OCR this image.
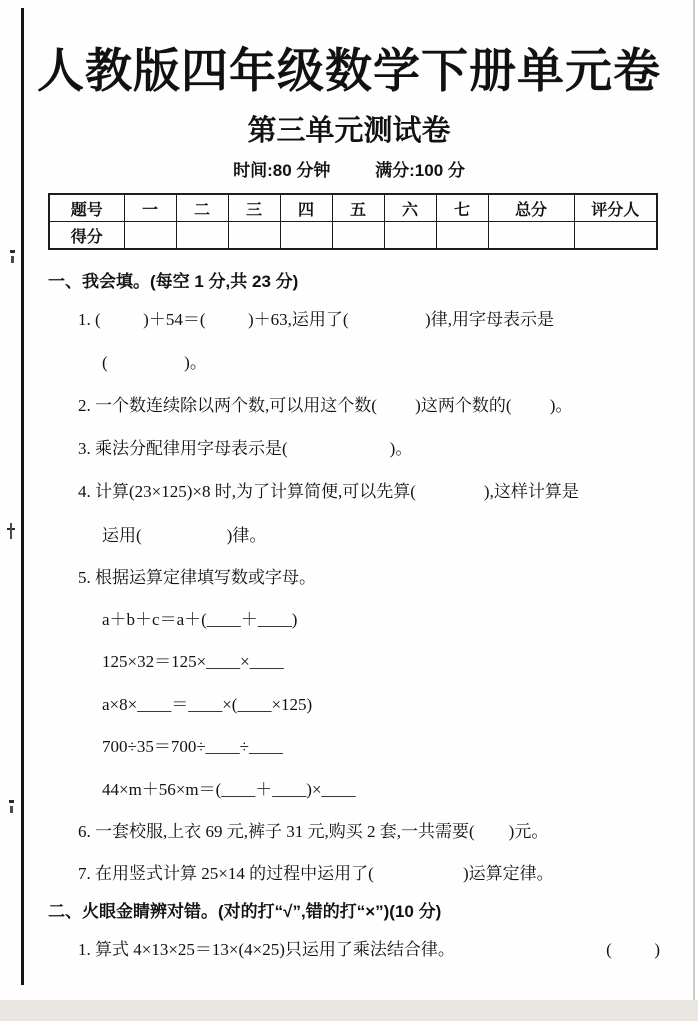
人教版四年级数学下册单元卷
第三单元测试卷
时间:80 分钟	满分:100 分
题号	一	二	三	四	五	六	七	总分	评分人
得分									
一、我会填。(每空 1 分,共 23 分)
1. (          )＋54＝(          )＋63,运用了(                  )律,用字母表示是
(                  )。
2. 一个数连续除以两个数,可以用这个数(         )这两个数的(         )。
3. 乘法分配律用字母表示是(                        )。
4. 计算(23×125)×8 时,为了计算简便,可以先算(                ),这样计算是
运用(                    )律。
5. 根据运算定律填写数或字母。
a＋b＋c＝a＋(____＋____)
125×32＝125×____×____
a×8×____＝____×(____×125)
700÷35＝700÷____÷____
44×m＋56×m＝(____＋____)×____
6. 一套校服,上衣 69 元,裤子 31 元,购买 2 套,一共需要(        )元。
7. 在用竖式计算 25×14 的过程中运用了(                     )运算定律。
二、火眼金睛辨对错。(对的打“√”,错的打“×”)(10 分)
1. 算式 4×13×25＝13×(4×25)只运用了乘法结合律。	(          )
